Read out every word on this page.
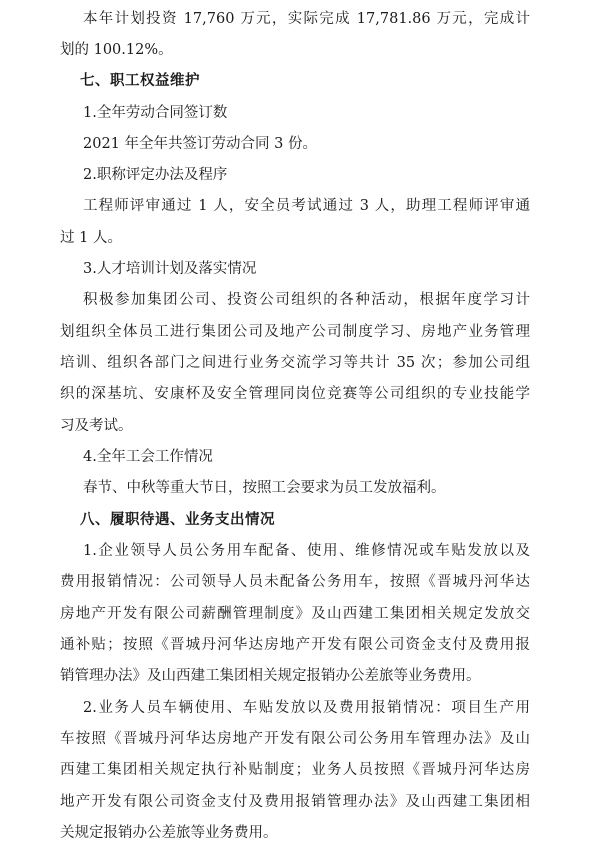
本年计划投资 17,760 万元，实际完成 17,781.86 万元，完成计
划的 100.12%。
七、职工权益维护
1.全年劳动合同签订数
2021 年全年共签订劳动合同 3 份。
2.职称评定办法及程序
工程师评审通过 1 人，安全员考试通过 3 人，助理工程师评审通
过 1 人。
3.人才培训计划及落实情况
积极参加集团公司、投资公司组织的各种活动，根据年度学习计
划组织全体员工进行集团公司及地产公司制度学习、房地产业务管理
培训、组织各部门之间进行业务交流学习等共计 35 次；参加公司组
织的深基坑、安康杯及安全管理同岗位竞赛等公司组织的专业技能学
习及考试。
4.全年工会工作情况
春节、中秋等重大节日，按照工会要求为员工发放福利。
八、履职待遇、业务支出情况
1.企业领导人员公务用车配备、使用、维修情况或车贴发放以及
费用报销情况：公司领导人员未配备公务用车，按照《晋城丹河华达
房地产开发有限公司薪酬管理制度》及山西建工集团相关规定发放交
通补贴；按照《晋城丹河华达房地产开发有限公司资金支付及费用报
销管理办法》及山西建工集团相关规定报销办公差旅等业务费用。
2.业务人员车辆使用、车贴发放以及费用报销情况：项目生产用
车按照《晋城丹河华达房地产开发有限公司公务用车管理办法》及山
西建工集团相关规定执行补贴制度；业务人员按照《晋城丹河华达房
地产开发有限公司资金支付及费用报销管理办法》及山西建工集团相
关规定报销办公差旅等业务费用。
